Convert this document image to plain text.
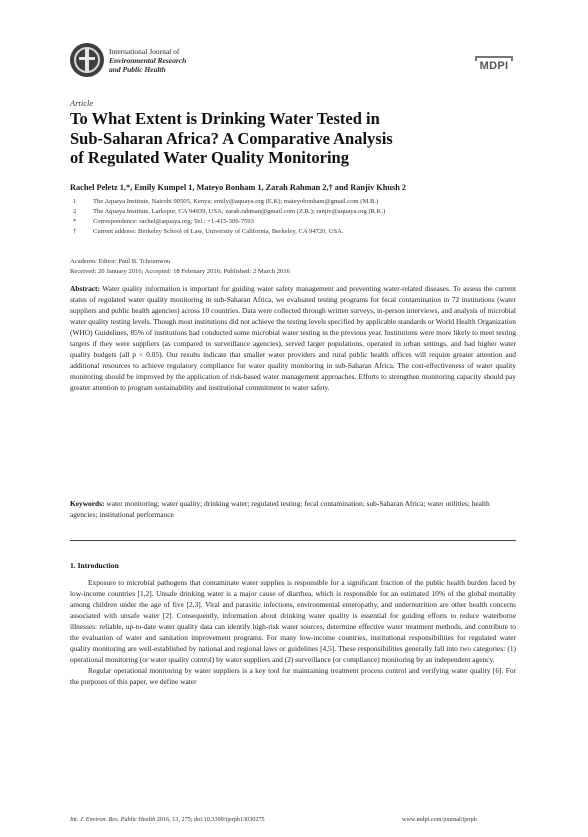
International Journal of
Environmental Research
and Public Health	MDPI
Article
To What Extent is Drinking Water Tested in
Sub-Saharan Africa? A Comparative Analysis
of Regulated Water Quality Monitoring
Rachel Peletz 1,*, Emily Kumpel 1, Mateyo Bonham 1, Zarah Rahman 2,† and Ranjiv Khush 2
1	The Aquaya Institute, Nairobi 00505, Kenya; emily@aquaya.org (E.K); mateyobonham@gmail.com (M.B.)
2	The Aquaya Institute, Larkspur, CA 94939, USA; zarah.rahman@gmail.com (Z.R.); ranjiv@aquaya.org (R.K.)
*	Correspondence: rachel@aquaya.org; Tel.: +1-415-306-7593
†	Current address: Berkeley School of Law, University of California, Berkeley, CA 94720, USA.
Academic Editor: Paul B. Tchounwou
Received: 20 January 2016; Accepted: 18 February 2016; Published: 2 March 2016
Abstract: Water quality information is important for guiding water safety management and preventing water-related diseases. To assess the current status of regulated water quality monitoring in sub-Saharan Africa, we evaluated testing programs for fecal contamination in 72 institutions (water suppliers and public health agencies) across 10 countries. Data were collected through written surveys, in-person interviews, and analysis of microbial water quality testing levels. Though most institutions did not achieve the testing levels specified by applicable standards or World Health Organization (WHO) Guidelines, 85% of institutions had conducted some microbial water testing in the previous year. Institutions were more likely to meet testing targets if they were suppliers (as compared to surveillance agencies), served larger populations, operated in urban settings, and had higher water quality budgets (all p < 0.05). Our results indicate that smaller water providers and rural public health offices will require greater attention and additional resources to achieve regulatory compliance for water quality monitoring in sub-Saharan Africa. The cost-effectiveness of water quality monitoring should be improved by the application of risk-based water management approaches. Efforts to strengthen monitoring capacity should pay greater attention to program sustainability and institutional commitment to water safety.
Keywords: water monitoring; water quality; drinking water; regulated testing; fecal contamination; sub-Saharan Africa; water utilities; health agencies; institutional performance
1. Introduction

Exposure to microbial pathogens that contaminate water supplies is responsible for a significant fraction of the public health burden faced by low-income countries [1,2]. Unsafe drinking water is a major cause of diarrhea, which is responsible for an estimated 10% of the global mortality among children under the age of five [2,3]. Viral and parasitic infections, environmental enteropathy, and undernutrition are other health concerns associated with unsafe water [2]. Consequently, information about drinking water quality is essential for guiding efforts to reduce waterborne illnesses: reliable, up-to-date water quality data can identify high-risk water sources, determine effective water treatment methods, and contribute to the evaluation of water and sanitation improvement programs. For many low-income countries, institutional responsibilities for regulated water quality monitoring are well-established by national and regional laws or guidelines [4,5]. These responsibilities generally fall into two categories: (1) operational monitoring (or water quality control) by water suppliers and (2) surveillance (or compliance) monitoring by an independent agency.

Regular operational monitoring by water suppliers is a key tool for maintaining treatment process control and verifying water quality [6]. For the purposes of this paper, we define water

Int. J. Environ. Res. Public Health 2016, 13, 275; doi:10.3390/ijerph13030275	www.mdpi.com/journal/ijerph
